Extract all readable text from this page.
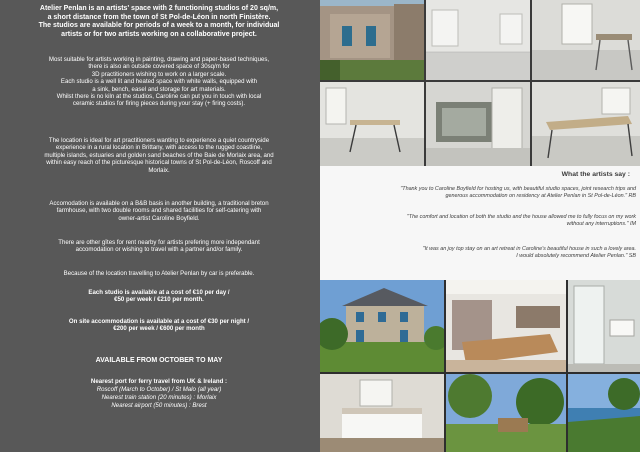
Atelier Penlan is an artists' space with 2 functioning studios of 20 sq/m,
a short distance from the town of St Pol-de-Léon in north Finistère.
The studios are available for periods of a week to a month, for individual
artists or for two artists working on a collaborative project.

Most suitable for artists working in painting, drawing and paper-based techniques,
there is also an outside covered space of 30sq/m for
3D practitioners wishing to work on a larger scale.
Each studio is a well lit and heated space with white walls, equipped with
a sink, bench, easel and storage for art materials.
Whilst there is no kiln at the studios, Caroline can put you in touch with local
ceramic studios for firing pieces during your stay (+ firing costs).

The location is ideal for art practitioners wanting to experience a quiet countryside
experience in a rural location in Brittany, with access to the rugged coastline,
multiple islands, estuaries and golden sand beaches of the Baie de Morlaix area, and
within easy reach of the picturesque historical towns of St Pol-de-Léon, Roscoff and
Morlaix.

Accomodation is available on a B&B basis in another building, a traditional breton
farmhouse, with two double rooms and shared facilities for self-catering with
owner-artist Caroline Boyfield.

There are other gîtes for rent nearby for artists prefering more independant
accomodation or wishing to travel with a partner and/or family.

Because of the location travelling to Atelier Penlan by car is preferable.

Each studio is available at a cost of €10 per day /
€50 per week / €210 per month.

On site accommodation is available at a cost of €30 per night /
€200 per week / €600 per month

AVAILABLE FROM OCTOBER TO MAY

Nearest port for ferry travel from UK & Ireland :

Roscoff (March to October) / St Malo (all year)

Nearest train station (20 minutes) : Morlaix

Nearest airport (50 minutes) : Brest

What the artists say :

"Thank you to Caroline Boyfield for hosting us, with beautiful studio spaces, joint research trips and
generous accommodation on residency at Atelier Penlan in St Pol-de-Léon." RB

"The comfort and location of both the studio and the house allowed me to fully focus on my work
without any interruptions." IM

"It was an joy top stay on an art retreat in Caroline's beautiful house in such a lovely area.
I would absolutely recommend Atelier Penlan." SB
